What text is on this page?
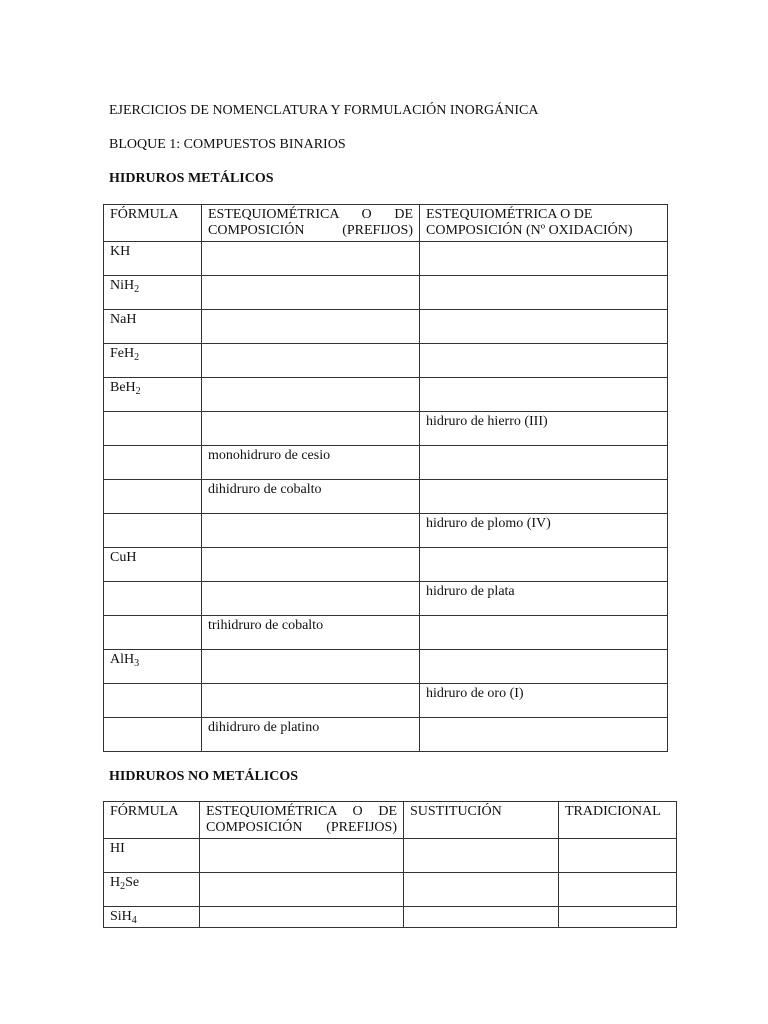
EJERCICIOS DE NOMENCLATURA Y FORMULACIÓN INORGÁNICA
BLOQUE 1: COMPUESTOS BINARIOS
HIDRUROS METÁLICOS
FÓRMULA	ESTEQUIOMÉTRICA O DE COMPOSICIÓN (PREFIJOS)	ESTEQUIOMÉTRICA O DE COMPOSICIÓN (Nº OXIDACIÓN)
KH		
NiH$_2$		
NaH		
FeH$_2$		
BeH$_2$		
		hidruro de hierro (III)
	monohidruro de cesio	
	dihidruro de cobalto	
		hidruro de plomo (IV)
CuH		
		hidruro de plata
	trihidruro de cobalto	
AlH$_3$		
		hidruro de oro (I)
	dihidruro de platino	
HIDRUROS NO METÁLICOS
FÓRMULA	ESTEQUIOMÉTRICA O DE COMPOSICIÓN (PREFIJOS)	SUSTITUCIÓN	TRADICIONAL
HI			
$H_2Se$			
SiH$_4$			
